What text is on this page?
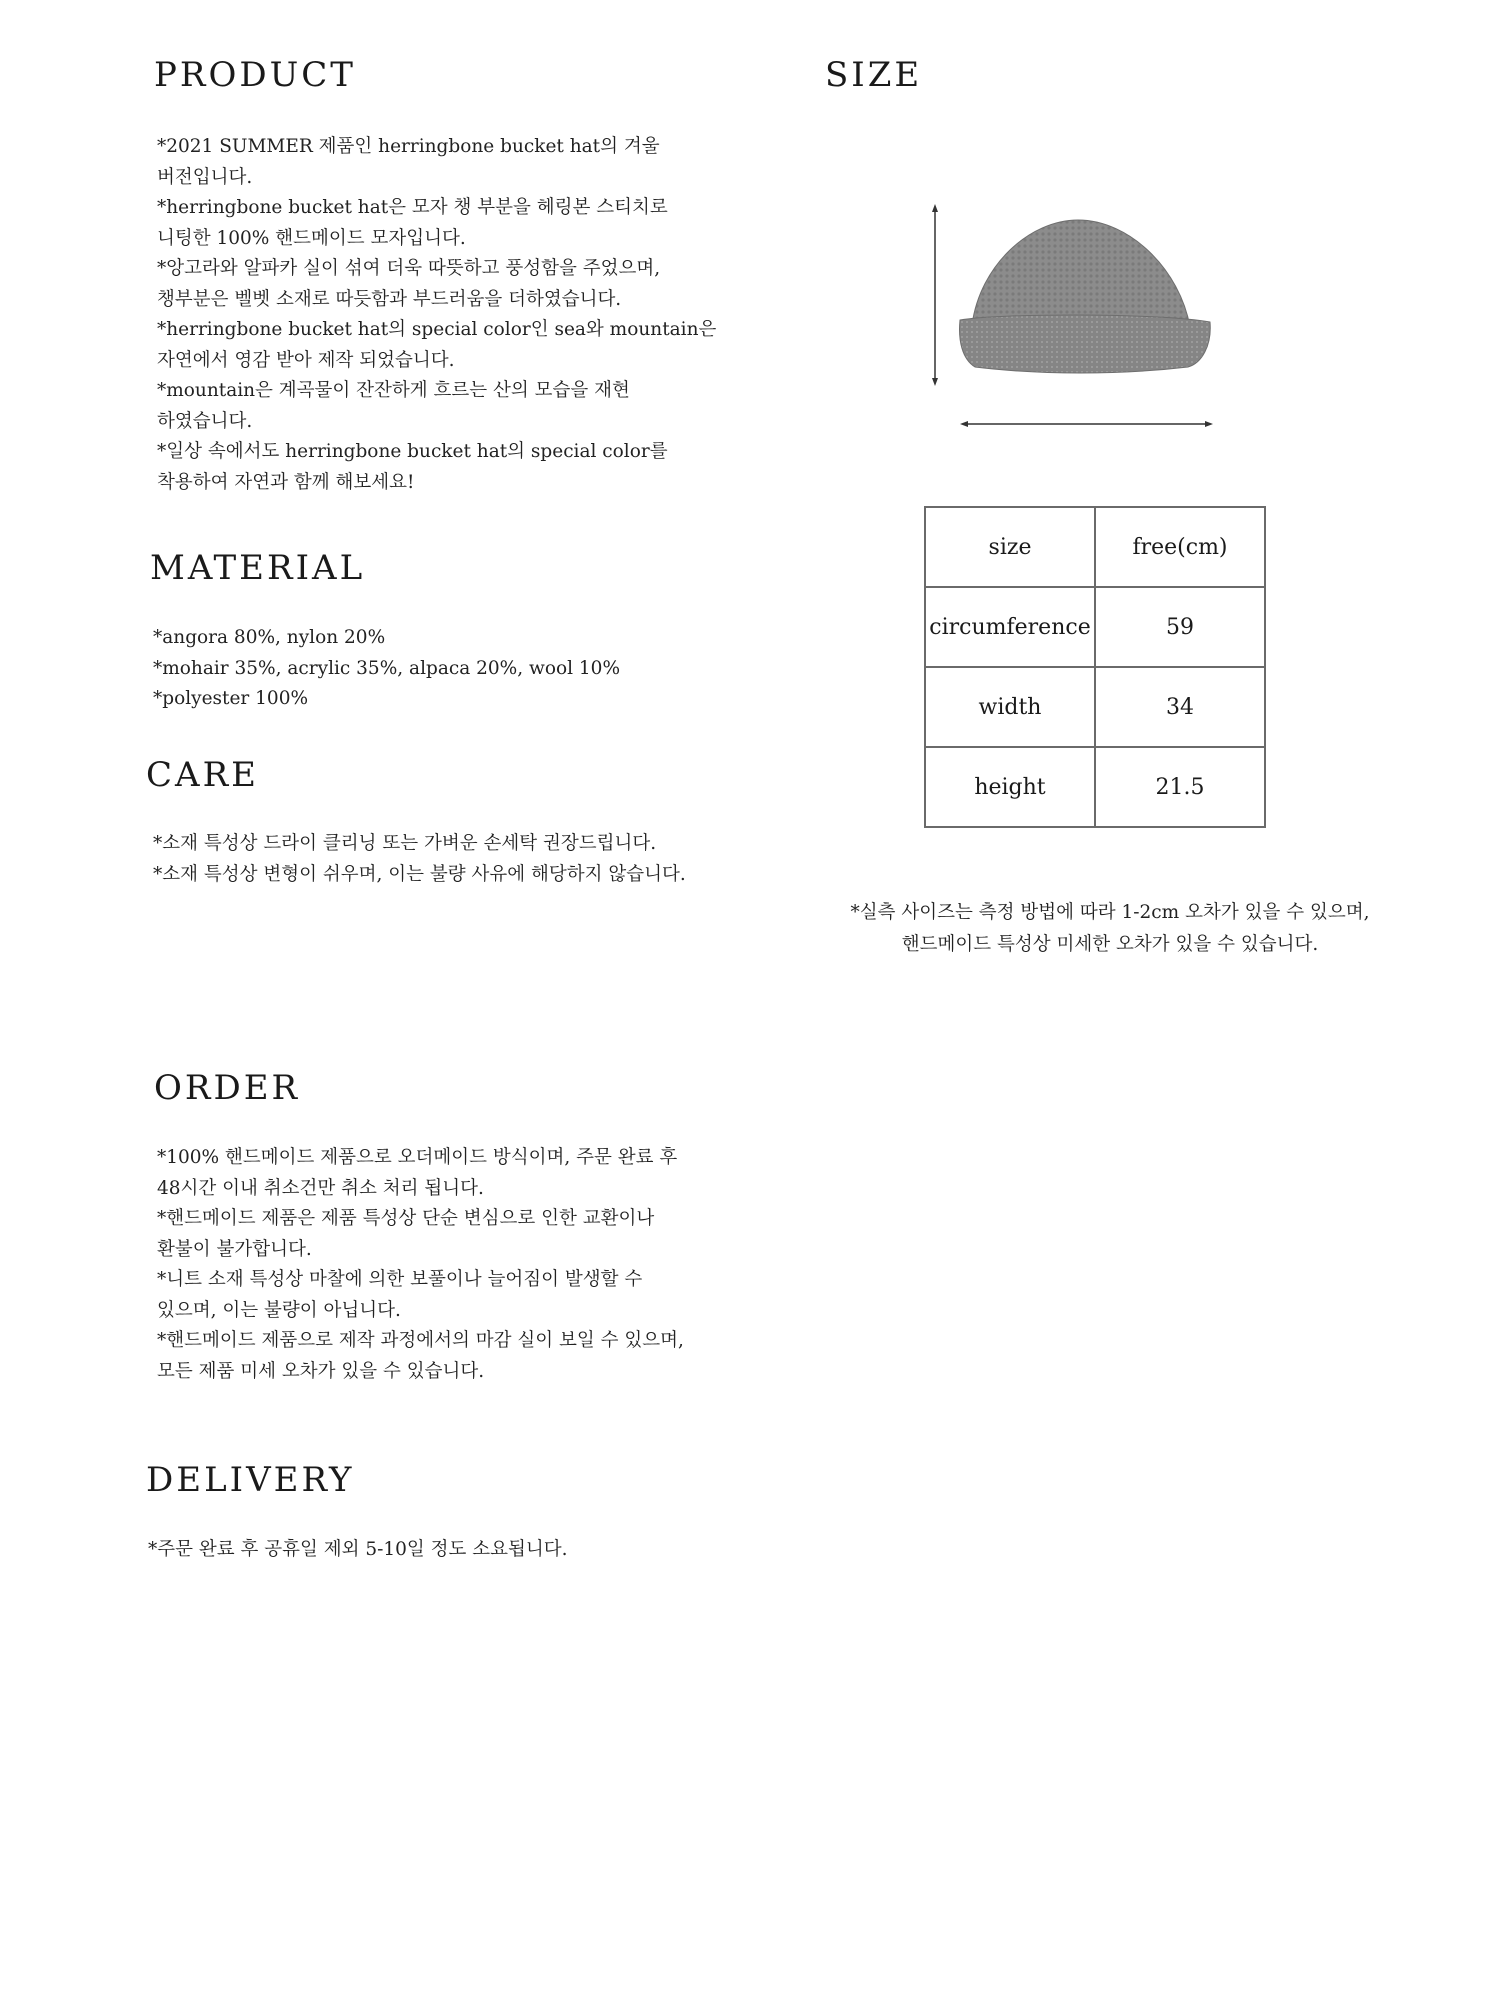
PRODUCT
*2021 SUMMER 제품인 herringbone bucket hat의 겨울
버전입니다.
*herringbone bucket hat은 모자 챙 부분을 헤링본 스티치로
니팅한 100% 핸드메이드 모자입니다.
*앙고라와 알파카 실이 섞여 더욱 따뜻하고 풍성함을 주었으며,
챙부분은 벨벳 소재로 따듯함과 부드러움을 더하였습니다.
*herringbone bucket hat의 special color인 sea와 mountain은
자연에서 영감 받아 제작 되었습니다.
*mountain은 계곡물이 잔잔하게 흐르는 산의 모습을 재현
하였습니다.
*일상 속에서도 herringbone bucket hat의 special color를
착용하여 자연과 함께 해보세요!
MATERIAL
*angora 80%, nylon 20%
*mohair 35%, acrylic 35%, alpaca 20%, wool 10%
*polyester 100%
CARE
*소재 특성상 드라이 클리닝 또는 가벼운 손세탁 권장드립니다.
*소재 특성상 변형이 쉬우며, 이는 불량 사유에 해당하지 않습니다.
ORDER
*100% 핸드메이드 제품으로 오더메이드 방식이며, 주문 완료 후
48시간 이내 취소건만 취소 처리 됩니다.
*핸드메이드 제품은 제품 특성상 단순 변심으로 인한 교환이나
환불이 불가합니다.
*니트 소재 특성상 마찰에 의한 보풀이나 늘어짐이 발생할 수
있으며, 이는 불량이 아닙니다.
*핸드메이드 제품으로 제작 과정에서의 마감 실이 보일 수 있으며,
모든 제품 미세 오차가 있을 수 있습니다.
DELIVERY
*주문 완료 후 공휴일 제외 5-10일 정도 소요됩니다.
SIZE
size	free(cm)
circumference	59
width	34
height	21.5
*실측 사이즈는 측정 방법에 따라 1-2cm 오차가 있을 수 있으며,
핸드메이드 특성상 미세한 오차가 있을 수 있습니다.
